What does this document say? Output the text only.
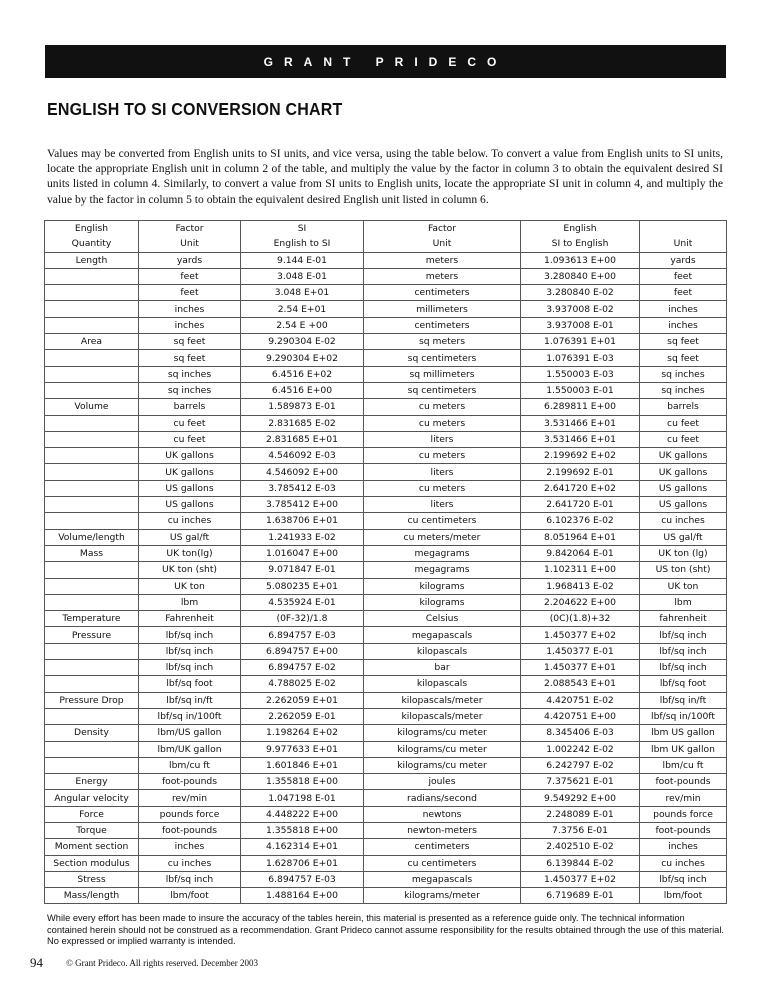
GRANT PRIDECO
ENGLISH TO SI CONVERSION CHART
Values may be converted from English units to SI units, and vice versa, using the table below. To convert a value from English units to SI units, locate the appropriate English unit in column 2 of the table, and multiply the value by the factor in column 3 to obtain the equivalent desired SI units listed in column 4. Similarly, to convert a value from SI units to English units, locate the appropriate SI unit in column 4, and multiply the value by the factor in column 5 to obtain the equivalent desired English unit listed in column 6.
English	Factor	SI	Factor	English	
Quantity	Unit	English to SI	Unit	SI to English	Unit
Length	yards	9.144 E-01	meters	1.093613 E+00	yards
	feet	3.048 E-01	meters	3.280840 E+00	feet
	feet	3.048 E+01	centimeters	3.280840 E-02	feet
	inches	2.54 E+01	millimeters	3.937008 E-02	inches
	inches	2.54 E +00	centimeters	3.937008 E-01	inches
Area	sq feet	9.290304 E-02	sq meters	1.076391 E+01	sq feet
	sq feet	9.290304 E+02	sq centimeters	1.076391 E-03	sq feet
	sq inches	6.4516 E+02	sq millimeters	1.550003 E-03	sq inches
	sq inches	6.4516 E+00	sq centimeters	1.550003 E-01	sq inches
Volume	barrels	1.589873 E-01	cu meters	6.289811 E+00	barrels
	cu feet	2.831685 E-02	cu meters	3.531466 E+01	cu feet
	cu feet	2.831685 E+01	liters	3.531466 E+01	cu feet
	UK gallons	4.546092 E-03	cu meters	2.199692 E+02	UK gallons
	UK gallons	4.546092 E+00	liters	2.199692 E-01	UK gallons
	US gallons	3.785412 E-03	cu meters	2.641720 E+02	US gallons
	US gallons	3.785412 E+00	liters	2.641720 E-01	US gallons
	cu inches	1.638706 E+01	cu centimeters	6.102376 E-02	cu inches
Volume/length	US gal/ft	1.241933 E-02	cu meters/meter	8.051964 E+01	US gal/ft
Mass	UK ton(lg)	1.016047 E+00	megagrams	9.842064 E-01	UK ton (lg)
	UK ton (sht)	9.071847 E-01	megagrams	1.102311 E+00	US ton (sht)
	UK ton	5.080235 E+01	kilograms	1.968413 E-02	UK ton
	lbm	4.535924 E-01	kilograms	2.204622 E+00	lbm
Temperature	Fahrenheit	(0F-32)/1.8	Celsius	(0C)(1.8)+32	fahrenheit
Pressure	lbf/sq inch	6.894757 E-03	megapascals	1.450377 E+02	lbf/sq inch
	lbf/sq inch	6.894757 E+00	kilopascals	1.450377 E-01	lbf/sq inch
	lbf/sq inch	6.894757 E-02	bar	1.450377 E+01	lbf/sq inch
	lbf/sq foot	4.788025 E-02	kilopascals	2.088543 E+01	lbf/sq foot
Pressure Drop	lbf/sq in/ft	2.262059 E+01	kilopascals/meter	4.420751 E-02	lbf/sq in/ft
	lbf/sq in/100ft	2.262059 E-01	kilopascals/meter	4.420751 E+00	lbf/sq in/100ft
Density	lbm/US gallon	1.198264 E+02	kilograms/cu meter	8.345406 E-03	lbm US gallon
	lbm/UK gallon	9.977633 E+01	kilograms/cu meter	1.002242 E-02	lbm UK gallon
	lbm/cu ft	1.601846 E+01	kilograms/cu meter	6.242797 E-02	lbm/cu ft
Energy	foot-pounds	1.355818 E+00	joules	7.375621 E-01	foot-pounds
Angular velocity	rev/min	1.047198 E-01	radians/second	9.549292 E+00	rev/min
Force	pounds force	4.448222 E+00	newtons	2.248089 E-01	pounds force
Torque	foot-pounds	1.355818 E+00	newton-meters	7.3756 E-01	foot-pounds
Moment section	inches	4.162314 E+01	centimeters	2.402510 E-02	inches
Section modulus	cu inches	1.628706 E+01	cu centimeters	6.139844 E-02	cu inches
Stress	lbf/sq inch	6.894757 E-03	megapascals	1.450377 E+02	lbf/sq inch
Mass/length	lbm/foot	1.488164 E+00	kilograms/meter	6.719689 E-01	lbm/foot
While every effort has been made to insure the accuracy of the tables herein, this material is presented as a reference guide only. The technical information contained herein should not be construed as a recommendation. Grant Prideco cannot assume responsibility for the results obtained through the use of this material. No expressed or implied warranty is intended.
94	© Grant Prideco. All rights reserved. December 2003
